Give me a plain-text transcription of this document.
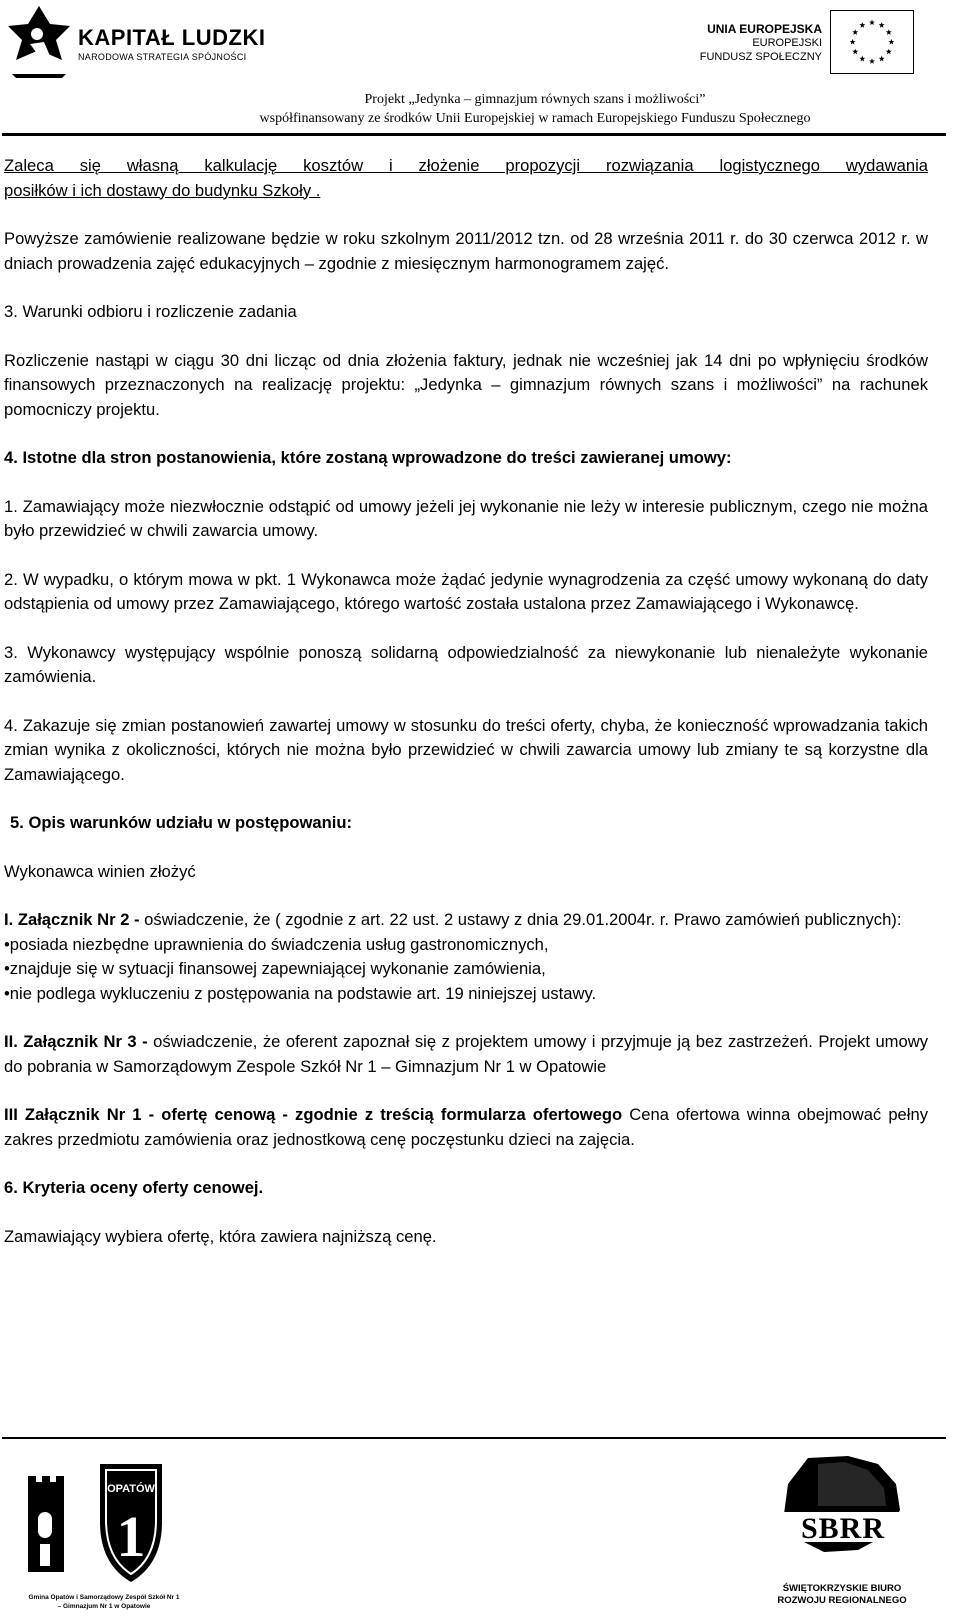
KAPITAŁ LUDZKI
NARODOWA STRATEGIA SPÓJNOŚCI
UNIA EUROPEJSKA
EUROPEJSKI
FUNDUSZ SPOŁECZNY
Projekt „Jedynka – gimnazjum równych szans i możliwości”
współfinansowany ze środków Unii Europejskiej w ramach Europejskiego Funduszu Społecznego

Zaleca się własną kalkulację kosztów i złożenie propozycji rozwiązania logistycznego wydawania

posiłków i ich dostawy do budynku Szkoły .

Powyższe zamówienie realizowane będzie w roku szkolnym 2011/2012 tzn. od 28 września 2011 r. do 30 czerwca 2012 r. w dniach prowadzenia zajęć edukacyjnych – zgodnie z miesięcznym harmonogramem zajęć.

3. Warunki odbioru i rozliczenie zadania

Rozliczenie nastąpi w ciągu 30 dni licząc od dnia złożenia faktury, jednak nie wcześniej jak 14 dni po wpłynięciu środków finansowych przeznaczonych na realizację projektu: „Jedynka – gimnazjum równych szans i możliwości” na rachunek pomocniczy projektu.

4. Istotne dla stron postanowienia, które zostaną wprowadzone do treści zawieranej umowy:

1. Zamawiający może niezwłocznie odstąpić od umowy jeżeli jej wykonanie nie leży w interesie publicznym, czego nie można było przewidzieć w chwili zawarcia umowy.

2. W wypadku, o którym mowa w pkt. 1 Wykonawca może żądać jedynie wynagrodzenia za część umowy wykonaną do daty odstąpienia od umowy przez Zamawiającego, którego wartość została ustalona przez Zamawiającego i Wykonawcę.

3. Wykonawcy występujący wspólnie ponoszą solidarną odpowiedzialność za niewykonanie lub nienależyte wykonanie zamówienia.

4. Zakazuje się zmian postanowień zawartej umowy w stosunku do treści oferty, chyba, że konieczność wprowadzania takich zmian wynika z okoliczności, których nie można było przewidzieć w chwili zawarcia umowy lub zmiany te są korzystne dla Zamawiającego.

5. Opis warunków udziału w postępowaniu:

Wykonawca winien złożyć

I. Załącznik Nr 2 - oświadczenie, że ( zgodnie z art. 22 ust. 2 ustawy z dnia 29.01.2004r. r. Prawo zamówień publicznych):

•posiada niezbędne uprawnienia do świadczenia usług gastronomicznych,

•znajduje się w sytuacji finansowej zapewniającej wykonanie zamówienia,

•nie podlega wykluczeniu z postępowania na podstawie art. 19 niniejszej ustawy.

II. Załącznik Nr 3 - oświadczenie, że oferent zapoznał się z projektem umowy i przyjmuje ją bez zastrzeżeń. Projekt umowy do pobrania w Samorządowym Zespole Szkół Nr 1 – Gimnazjum Nr 1 w Opatowie

III Załącznik Nr 1 - ofertę cenową - zgodnie z treścią formularza ofertowego Cena ofertowa winna obejmować pełny zakres przedmiotu zamówienia oraz jednostkową cenę poczęstunku dzieci na zajęcia.

6. Kryteria oceny oferty cenowej.

Zamawiający wybiera ofertę, która zawiera najniższą cenę.

OPATÓW
1
Gmina Opatów i Samorządowy Zespół Szkół Nr 1
– Gimnazjum Nr 1 w Opatowie
SBRR
ŚWIĘTOKRZYSKIE BIURO
ROZWOJU REGIONALNEGO
